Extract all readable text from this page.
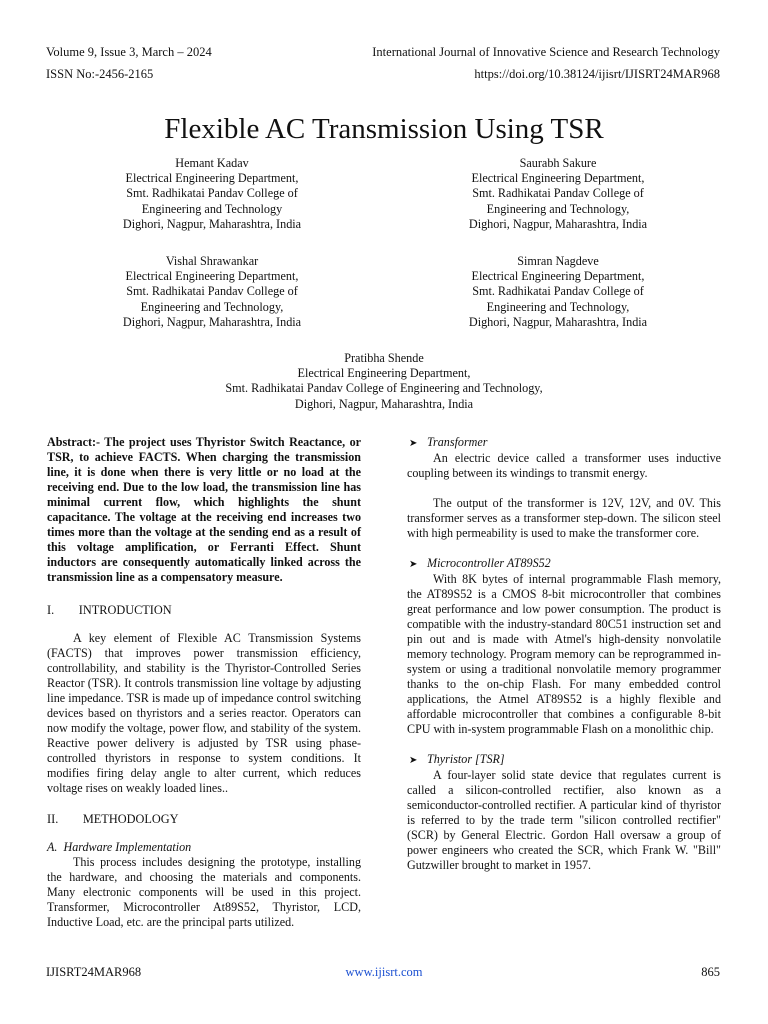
Volume 9, Issue 3, March – 2024	International Journal of Innovative Science and Research Technology
ISSN No:-2456-2165	https://doi.org/10.38124/ijisrt/IJISRT24MAR968
Flexible AC Transmission Using TSR
Hemant Kadav
Electrical Engineering Department,
Smt. Radhikatai Pandav College of
Engineering and Technology
Dighori, Nagpur, Maharashtra, India
Saurabh Sakure
Electrical Engineering Department,
Smt. Radhikatai Pandav College of
Engineering and Technology,
Dighori, Nagpur, Maharashtra, India
Vishal Shrawankar
Electrical Engineering Department,
Smt. Radhikatai Pandav College of
Engineering and Technology,
Dighori, Nagpur, Maharashtra, India
Simran Nagdeve
Electrical Engineering Department,
Smt. Radhikatai Pandav College of
Engineering and Technology,
Dighori, Nagpur, Maharashtra, India
Pratibha Shende
Electrical Engineering Department,
Smt. Radhikatai Pandav College of Engineering and Technology,
Dighori, Nagpur, Maharashtra, India

Abstract:- The project uses Thyristor Switch Reactance, or TSR, to achieve FACTS. When charging the transmission line, it is done when there is very little or no load at the receiving end. Due to the low load, the transmission line has minimal current flow, which highlights the shunt capacitance. The voltage at the receiving end increases two times more than the voltage at the sending end as a result of this voltage amplification, or Ferranti Effect. Shunt inductors are consequently automatically linked across the transmission line as a compensatory measure.

I.  INTRODUCTION

A key element of Flexible AC Transmission Systems (FACTS) that improves power transmission efficiency, controllability, and stability is the Thyristor-Controlled Series Reactor (TSR). It controls transmission line voltage by adjusting line impedance. TSR is made up of impedance control switching devices based on thyristors and a series reactor. Operators can now modify the voltage, power flow, and stability of the system. Reactive power delivery is adjusted by TSR using phase-controlled thyristors in response to system conditions. It modifies firing delay angle to alter current, which reduces voltage rises on weakly loaded lines..

II.  METHODOLOGY

A. Hardware Implementation

This process includes designing the prototype, installing the hardware, and choosing the materials and components. Many electronic components will be used in this project. Transformer, Microcontroller At89S52, Thyristor, LCD, Inductive Load, etc. are the principal parts utilized.

➤ Transformer

An electric device called a transformer uses inductive coupling between its windings to transmit energy.

The output of the transformer is 12V, 12V, and 0V. This transformer serves as a transformer step-down. The silicon steel with high permeability is used to make the transformer core.

➤ Microcontroller AT89S52

With 8K bytes of internal programmable Flash memory, the AT89S52 is a CMOS 8-bit microcontroller that combines great performance and low power consumption. The product is compatible with the industry-standard 80C51 instruction set and pin out and is made with Atmel's high-density nonvolatile memory technology. Program memory can be reprogrammed in-system or using a traditional nonvolatile memory programmer thanks to the on-chip Flash. For many embedded control applications, the Atmel AT89S52 is a highly flexible and affordable microcontroller that combines a configurable 8-bit CPU with in-system programmable Flash on a monolithic chip.

➤ Thyristor [TSR]

A four-layer solid state device that regulates current is called a silicon-controlled rectifier, also known as a semiconductor-controlled rectifier. A particular kind of thyristor is referred to by the trade term "silicon controlled rectifier" (SCR) by General Electric. Gordon Hall oversaw a group of power engineers who created the SCR, which Frank W. "Bill" Gutzwiller brought to market in 1957.

IJISRT24MAR968	www.ijisrt.com	865
